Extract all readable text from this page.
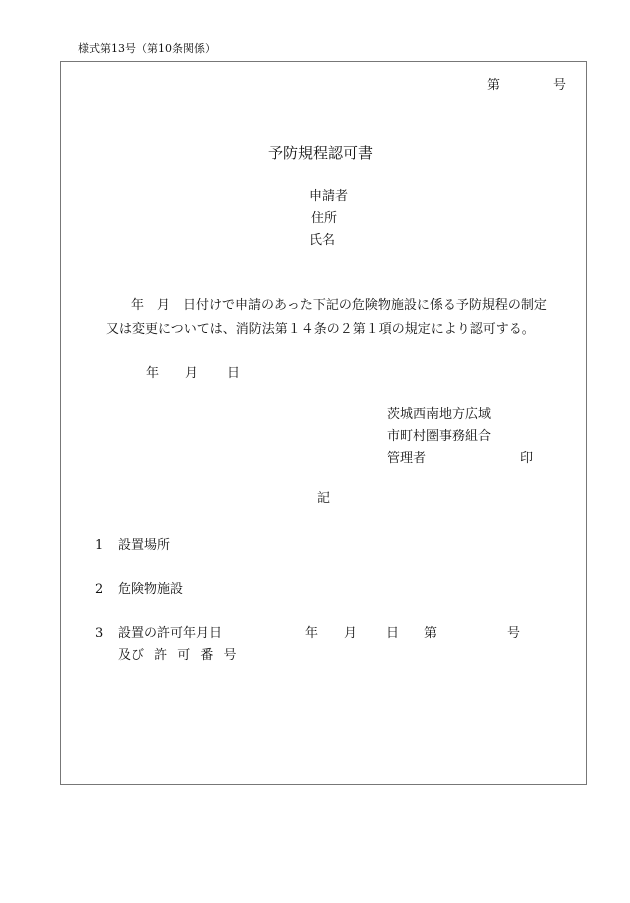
様式第13号（第10条関係）
第	号
予防規程認可書
申請者
住所
氏名
年　月　日付けで申請のあった下記の危険物施設に係る予防規程の制定
又は変更については、消防法第１４条の２第１項の規定により認可する。
年 月 日
茨城西南地方広域
市町村圏事務組合
管理者	印
記
1 設置場所
2 危険物施設
3 設置の許可年月日
及び 許 可 番 号
年 月 日 第	号
